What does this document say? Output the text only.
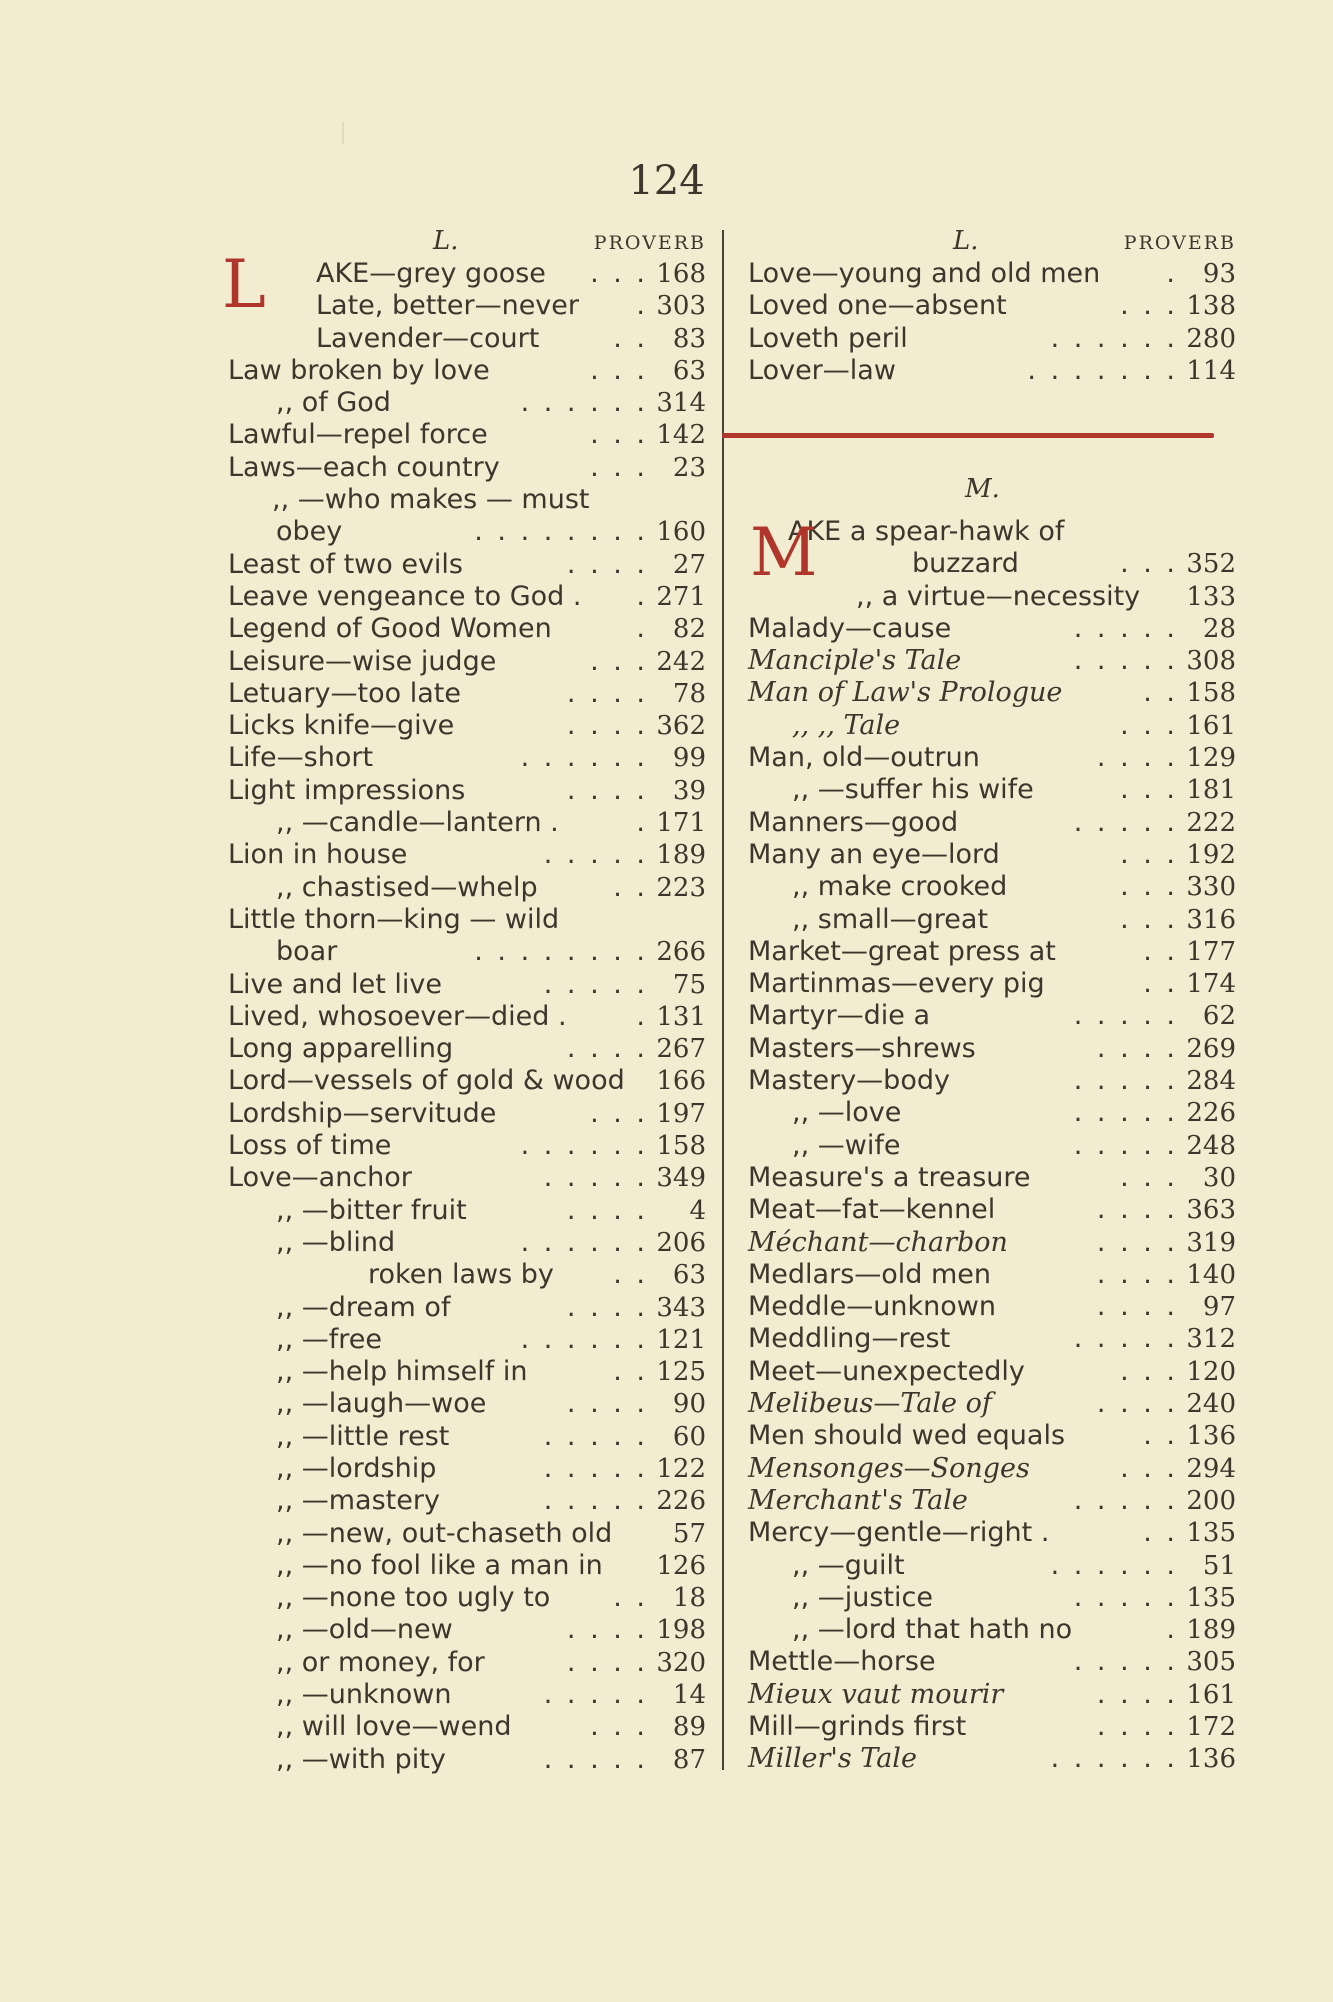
124
L.	PROVERB
AKE—grey goose . . . 168
Late, better—never . 303
Lavender—court	. . 83
Law broken by love	. . . 63
,, of God	. . . . . . 314
Lawful—repel force	. . . 142
Laws—each country	. . . 23
,, —who makes — must
obey	. . . . . . . . 160
Least of two evils	. . . . 27
Leave vengeance to God . . 271
Legend of Good Women	. 82
Leisure—wise judge	. . . 242
Letuary—too late	. . . . 78
Licks knife—give	. . . . 362
Life—short	. . . . . . 99
Light impressions	. . . . 39
,, —candle—lantern .	. 171
Lion in house	. . . . . 189
,, chastised—whelp	. . 223
Little thorn—king — wild
boar	. . . . . . . . 266
Live and let live	. . . . . 75
Lived, whosoever—died .	. 131
Long apparelling	. . . . 267
Lord—vessels of gold & wood 166
Lordship—servitude	. . . 197
Loss of time	. . . . . . 158
Love—anchor	. . . . . 349
,, —bitter fruit	. . . . 4
,, —blind	. . . . . . 206
roken laws by . . 63
,, —dream of	. . . . 343
,, —free	. . . . . . 121
,, —help himself in	. . 125
,, —laugh—woe	. . . . 90
,, —little rest	. . . . . 60
,, —lordship	. . . . . 122
,, —mastery	. . . . . 226
,, —new, out-chaseth old 57
,, —no fool like a man in 126
,, —none too ugly to . . 18
,, —old—new	. . . . 198
,, or money, for	. . . . 320
,, —unknown	. . . . . 14
,, will love—wend	. . . 89
,, —with pity	. . . . . 87
L
L.	PROVERB
Love—young and old men . 93
Loved one—absent	. . . 138
Loveth peril	. . . . . . 280
Lover—law	. . . . . . . 114
M.
AKE a spear-hawk of
buzzard	. . . 352
,, a virtue—necessity 133
Malady—cause	. . . . . 28
Manciple's Tale	. . . . . 308
Man of Law's Prologue	. . 158
,, ,, Tale	. . . 161
Man, old—outrun	. . . . 129
,, —suffer his wife	. . . 181
Manners—good	. . . . . 222
Many an eye—lord	. . . 192
,, make crooked	. . . 330
,, small—great	. . . 316
Market—great press at	. . 177
Martinmas—every pig	. . 174
Martyr—die a	. . . . . 62
Masters—shrews	. . . . 269
Mastery—body	. . . . . 284
,, —love	. . . . . 226
,, —wife	. . . . . 248
Measure's a treasure	. . . 30
Meat—fat—kennel	. . . . 363
Méchant—charbon	. . . . 319
Medlars—old men	. . . . 140
Meddle—unknown	. . . . 97
Meddling—rest	. . . . . 312
Meet—unexpectedly	. . . 120
Melibeus—Tale of	. . . . 240
Men should wed equals	. . 136
Mensonges—Songes	. . . 294
Merchant's Tale	. . . . . 200
Mercy—gentle—right .	. . 135
,, —guilt	. . . . . . 51
,, —justice	. . . . . 135
,, —lord that hath no	. 189
Mettle—horse	. . . . . 305
Mieux vaut mourir	. . . . 161
Mill—grinds first	. . . . 172
Miller's Tale	. . . . . . 136
M
